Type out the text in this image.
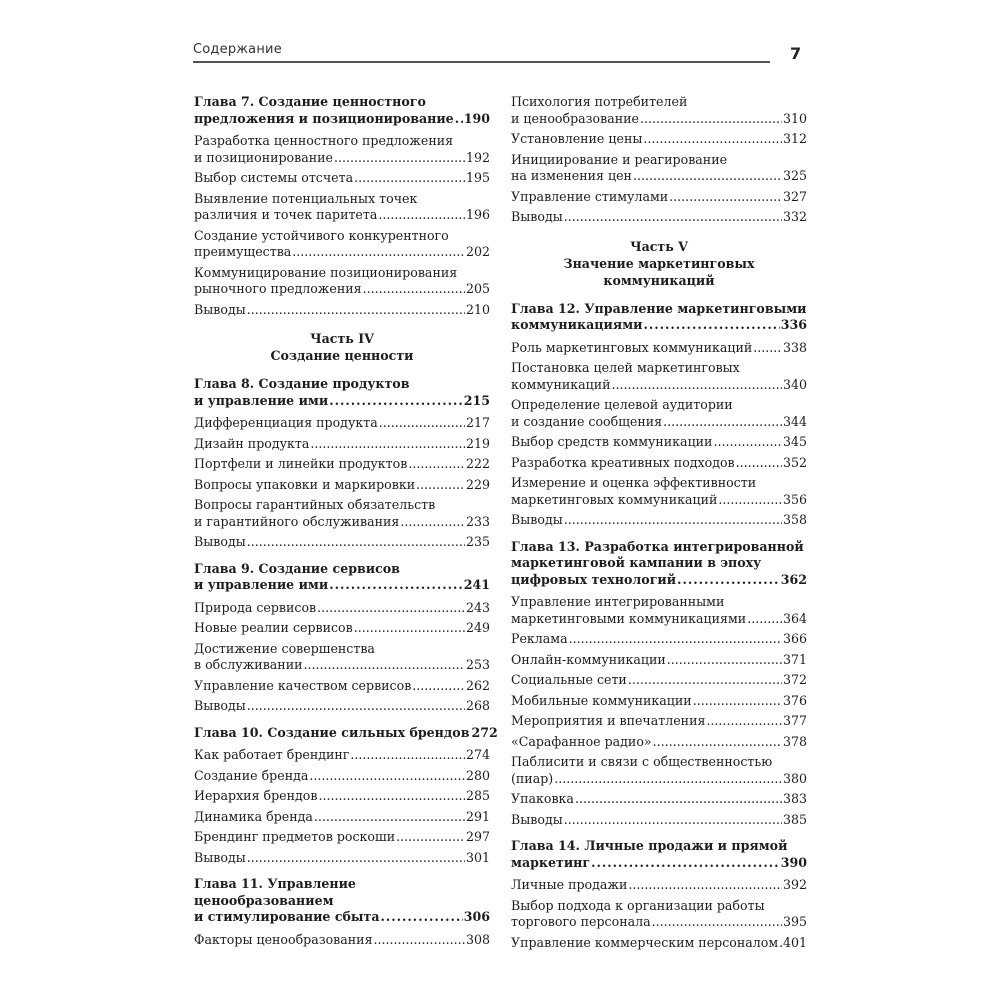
Содержание	7
Глава 7. Создание ценностного
предложения и позиционирование ..... 190
Разработка ценностного предложения
и позиционирование .....	192
Выбор системы отсчета .....	195
Выявление потенциальных точек
различия и точек паритета .....	196
Создание устойчивого конкурентного
преимущества .....	202
Коммуницирование позиционирования
рыночного предложения .....	205
Выводы .....	210
Часть IV
Создание ценности
Глава 8. Создание продуктов
и управление ими .....	215
Дифференциация продукта .....	217
Дизайн продукта .....	219
Портфели и линейки продуктов .....	222
Вопросы упаковки и маркировки .....	229
Вопросы гарантийных обязательств
и гарантийного обслуживания .....	233
Выводы .....	235
Глава 9. Создание сервисов
и управление ими .....	241
Природа сервисов .....	243
Новые реалии сервисов .....	249
Достижение совершенства
в обслуживании .....	253
Управление качеством сервисов .....	262
Выводы .....	268
Глава 10. Создание сильных брендов 272
Как работает брендинг .....	274
Создание бренда .....	280
Иерархия брендов .....	285
Динамика бренда .....	291
Брендинг предметов роскоши .....	297
Выводы .....	301
Глава 11. Управление ценообразованием
и стимулирование сбыта .....	306
Факторы ценообразования .....	308
Психология потребителей
и ценообразование .....	310
Установление цены .....	312
Инициирование и реагирование
на изменения цен .....	325
Управление стимулами .....	327
Выводы .....	332
Часть V
Значение маркетинговых коммуникаций
Глава 12. Управление маркетинговыми
коммуникациями .....	336
Роль маркетинговых коммуникаций ..... 338
Постановка целей маркетинговых
коммуникаций .....	340
Определение целевой аудитории
и создание сообщения .....	344
Выбор средств коммуникации .....	345
Разработка креативных подходов .....	352
Измерение и оценка эффективности
маркетинговых коммуникаций .....	356
Выводы .....	358
Глава 13. Разработка интегрированной
маркетинговой кампании в эпоху
цифровых технологий .....	362
Управление интегрированными
маркетинговыми коммуникациями .....	364
Реклама .....	366
Онлайн-коммуникации .....	371
Социальные сети .....	372
Мобильные коммуникации .....	376
Мероприятия и впечатления .....	377
«Сарафанное радио» .....	378
Паблисити и связи с общественностью
(пиар) .....	380
Упаковка .....	383
Выводы .....	385
Глава 14. Личные продажи и прямой
маркетинг .....	390
Личные продажи .....	392
Выбор подхода к организации работы
торгового персонала .....	395
Управление коммерческим персоналом ..... 401
